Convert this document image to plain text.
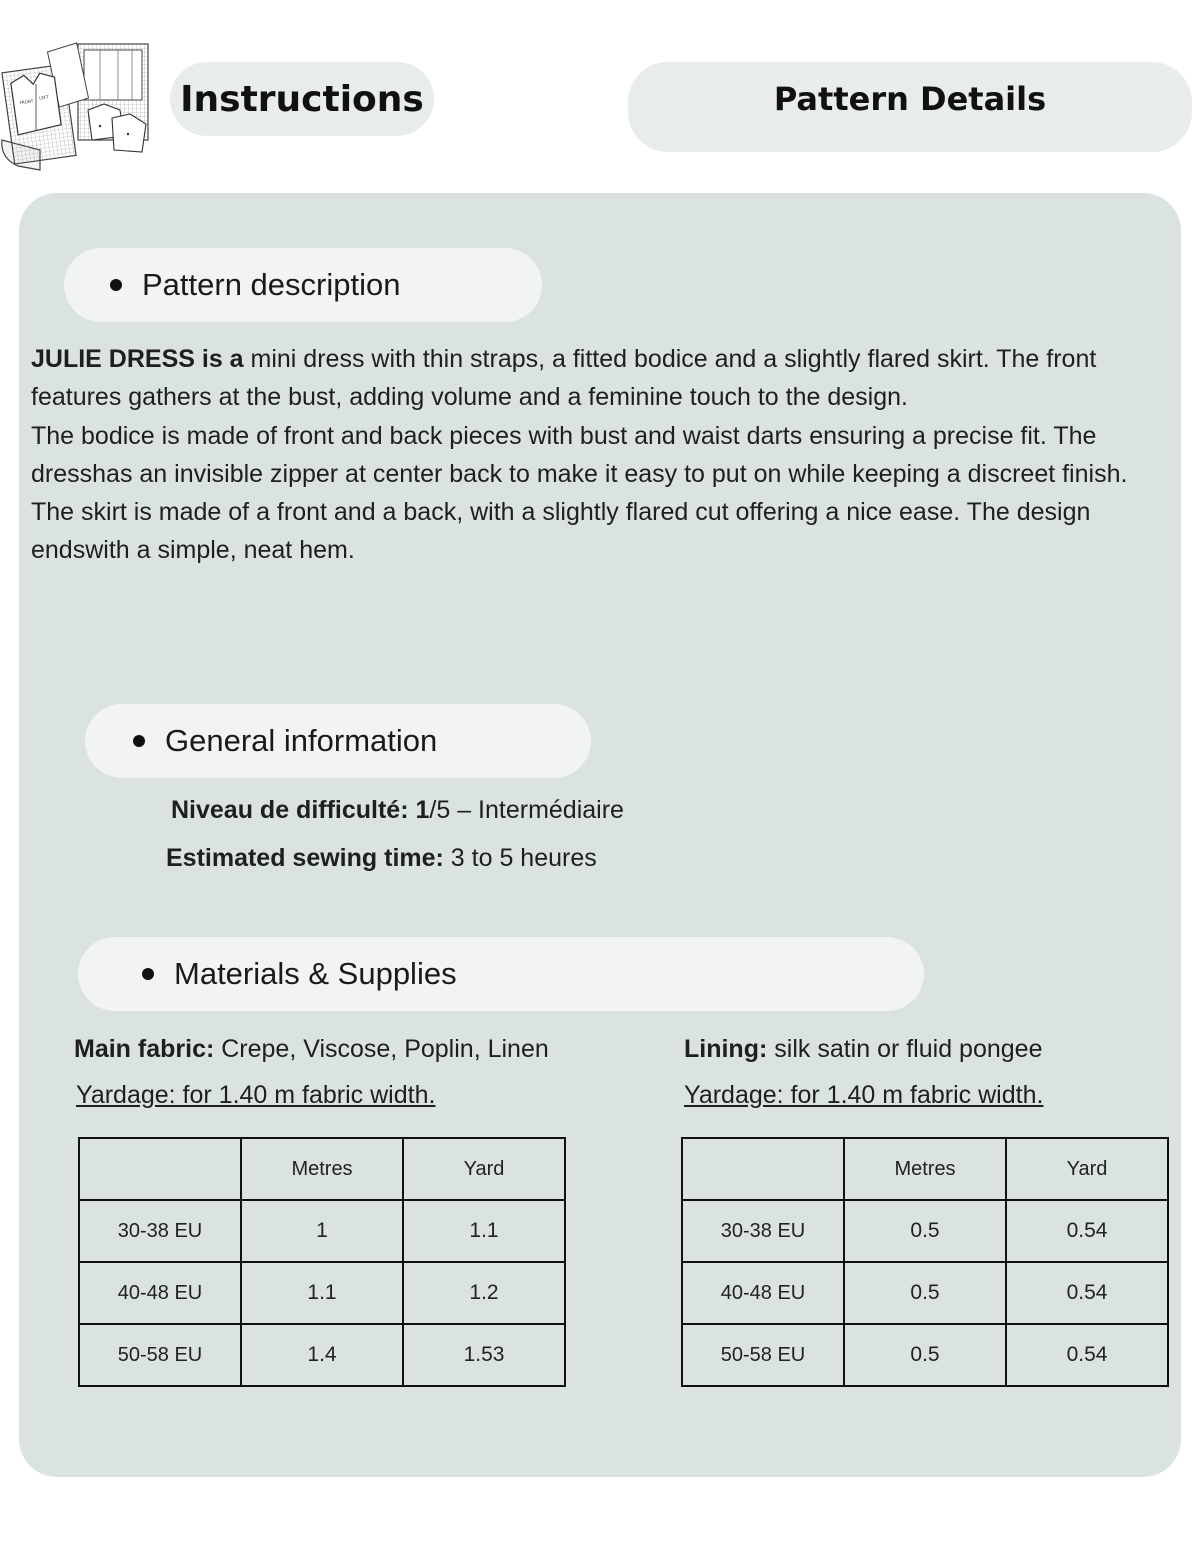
FRONT
LEFT	Instructions	Pattern Details
Pattern description

JULIE DRESS is a mini dress with thin straps, a fitted bodice and a slightly flared skirt. The front features gathers at the bust, adding volume and a feminine touch to the design.

The bodice is made of front and back pieces with bust and waist darts ensuring a precise fit. The dresshas an invisible zipper at center back to make it easy to put on while keeping a discreet finish.

The skirt is made of a front and a back, with a slightly flared cut offering a nice ease. The design endswith a simple, neat hem.

General information
Niveau de difficulté: 1/5 – Intermédiaire
Estimated sewing time: 3 to 5 heures
Materials & Supplies
Main fabric: Crepe, Viscose, Poplin, Linen
Yardage: for 1.40 m fabric width.
Lining: silk satin or fluid pongee
Yardage: for 1.40 m fabric width.
	Metres	Yard
30-38 EU	1	1.1
40-48 EU	1.1	1.2
50-58 EU	1.4	1.53
	Metres	Yard
30-38 EU	0.5	0.54
40-48 EU	0.5	0.54
50-58 EU	0.5	0.54
